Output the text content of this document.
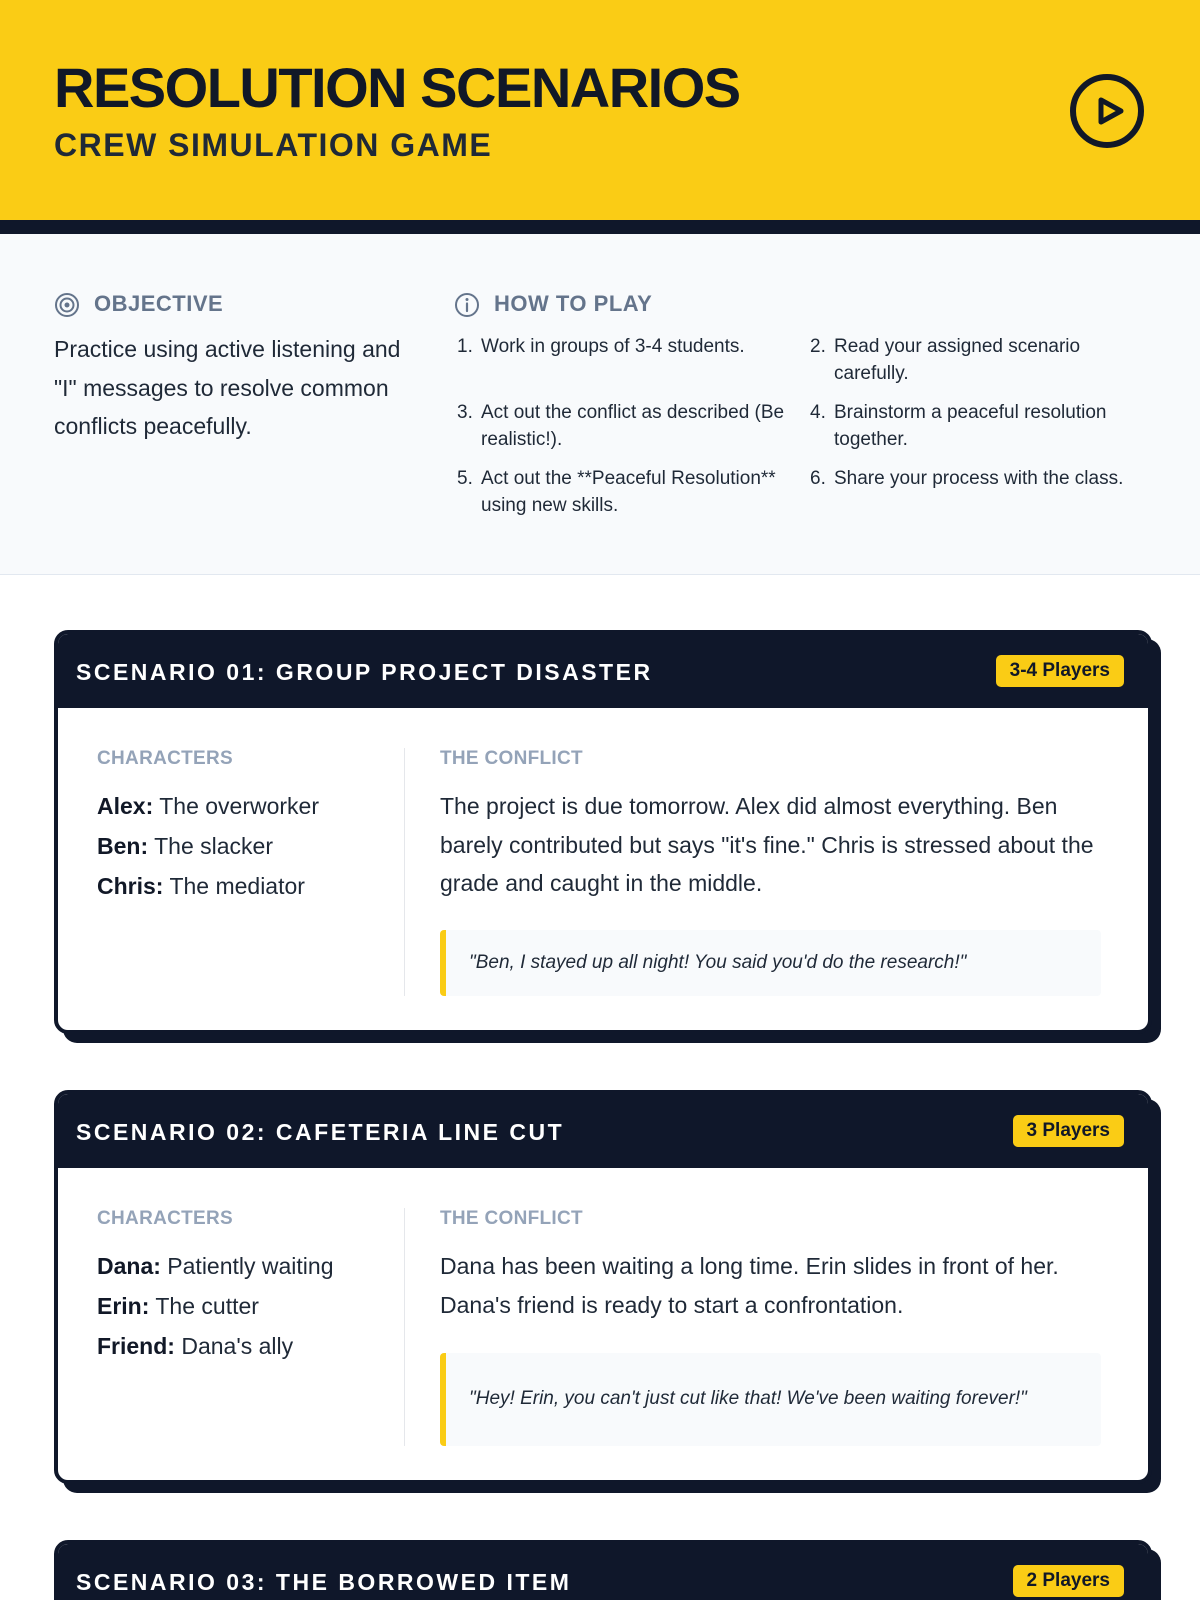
RESOLUTION SCENARIOS
CREW SIMULATION GAME
OBJECTIVE
Practice using active listening and "I" messages to resolve common conflicts peacefully.
HOW TO PLAY
1. Work in groups of 3-4 students.	2. Read your assigned scenario carefully.
3. Act out the conflict as described (Be realistic!).
4. Brainstorm a peaceful resolution together.
5. Act out the **Peaceful Resolution** using new skills.
6. Share your process with the class.
SCENARIO 01: GROUP PROJECT DISASTER	3-4 Players
CHARACTERS
Alex: The overworker
Ben: The slacker
Chris: The mediator
THE CONFLICT
The project is due tomorrow. Alex did almost everything. Ben barely contributed but says "it's fine." Chris is stressed about the grade and caught in the middle.
"Ben, I stayed up all night! You said you'd do the research!"
SCENARIO 02: CAFETERIA LINE CUT	3 Players
CHARACTERS
Dana: Patiently waiting
Erin: The cutter
Friend: Dana's ally
THE CONFLICT
Dana has been waiting a long time. Erin slides in front of her. Dana's friend is ready to start a confrontation.
"Hey! Erin, you can't just cut like that! We've been waiting forever!"
SCENARIO 03: THE BORROWED ITEM	2 Players
